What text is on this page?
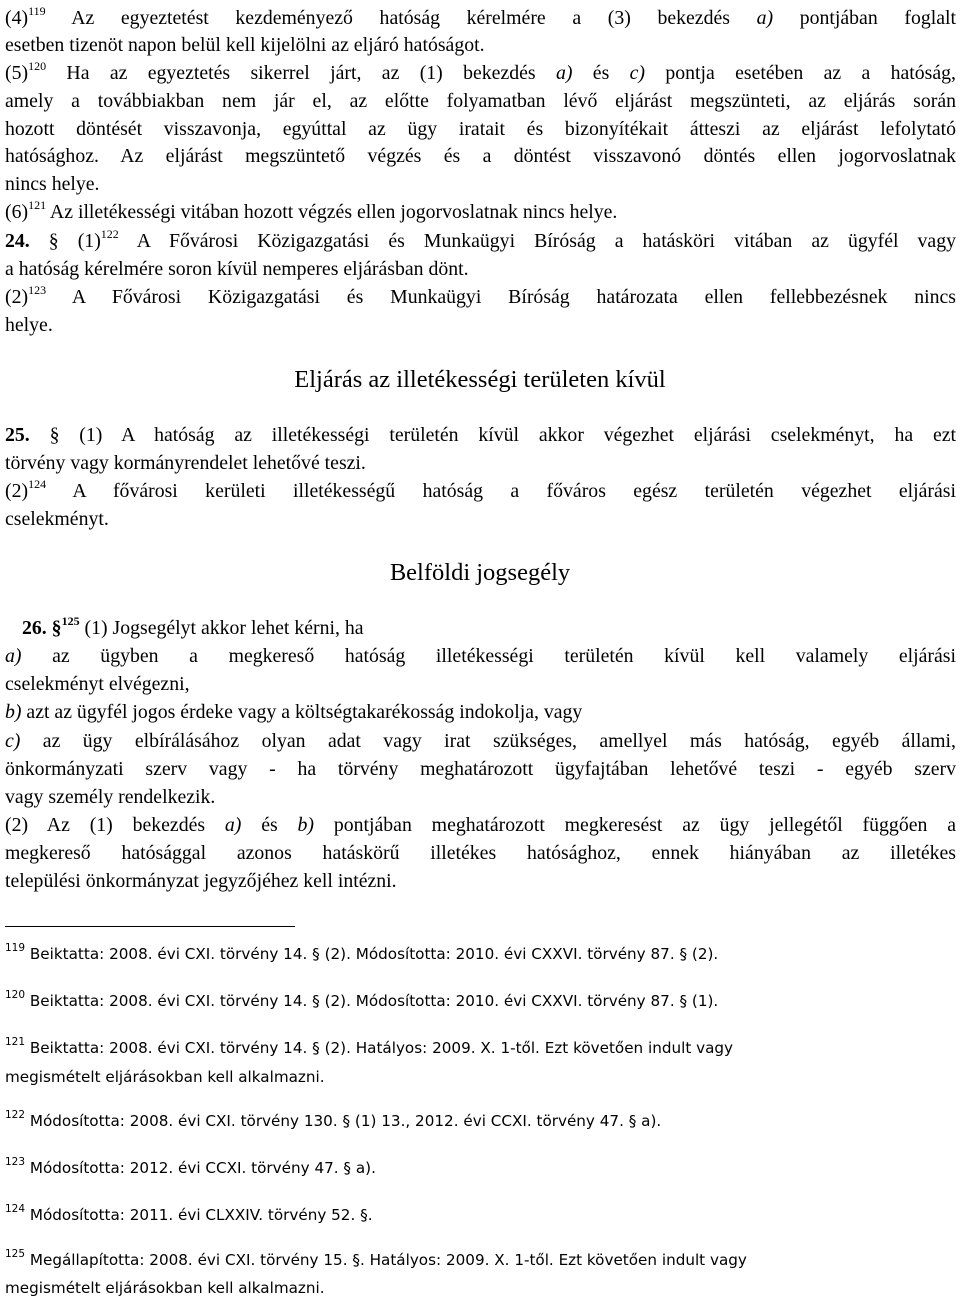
$(4)^{119}$ Az egyeztetést kezdeményező hatóság kérelmére a (3) bekezdés a) pontjában foglalt
esetben tizenöt napon belül kell kijelölni az eljáró hatóságot.
$(5)^{120}$ Ha az egyeztetés sikerrel járt, az (1) bekezdés a) és c) pontja esetében az a hatóság,
amely a továbbiakban nem jár el, az előtte folyamatban lévő eljárást megszünteti, az eljárás során
hozott döntését visszavonja, egyúttal az ügy iratait és bizonyítékait átteszi az eljárást lefolytató
hatósághoz. Az eljárást megszüntető végzés és a döntést visszavonó döntés ellen jogorvoslatnak
nincs helye.
$(6)^{121}$ Az illetékességi vitában hozott végzés ellen jogorvoslatnak nincs helye.
24. § $(1)^{122}$ A Fővárosi Közigazgatási és Munkaügyi Bíróság a hatásköri vitában az ügyfél vagy
a hatóság kérelmére soron kívül nemperes eljárásban dönt.
$(2)^{123}$ A Fővárosi Közigazgatási és Munkaügyi Bíróság határozata ellen fellebbezésnek nincs
helye.
Eljárás az illetékességi területen kívül
25. § (1) A hatóság az illetékességi területén kívül akkor végezhet eljárási cselekményt, ha ezt
törvény vagy kormányrendelet lehetővé teszi.
$(2)^{124}$ A fővárosi kerületi illetékességű hatóság a főváros egész területén végezhet eljárási
cselekményt.
Belföldi jogsegély
26. §$^{125}$ (1) Jogsegélyt akkor lehet kérni, ha
a) az ügyben a megkereső hatóság illetékességi területén kívül kell valamely eljárási
cselekményt elvégezni,
b) azt az ügyfél jogos érdeke vagy a költségtakarékosság indokolja, vagy
c) az ügy elbírálásához olyan adat vagy irat szükséges, amellyel más hatóság, egyéb állami,
önkormányzati szerv vagy - ha törvény meghatározott ügyfajtában lehetővé teszi - egyéb szerv
vagy személy rendelkezik.
(2) Az (1) bekezdés a) és b) pontjában meghatározott megkeresést az ügy jellegétől függően a
megkereső hatósággal azonos hatáskörű illetékes hatósághoz, ennek hiányában az illetékes
települési önkormányzat jegyzőjéhez kell intézni.
$^{119}$ Beiktatta: 2008. évi CXI. törvény 14. § (2). Módosította: 2010. évi CXXVI. törvény 87. § (2).
$^{120}$ Beiktatta: 2008. évi CXI. törvény 14. § (2). Módosította: 2010. évi CXXVI. törvény 87. § (1).
$^{121}$ Beiktatta: 2008. évi CXI. törvény 14. § (2). Hatályos: 2009. X. 1-től. Ezt követően indult vagy
megismételt eljárásokban kell alkalmazni.
$^{122}$ Módosította: 2008. évi CXI. törvény 130. § (1) 13., 2012. évi CCXI. törvény 47. § a).
$^{123}$ Módosította: 2012. évi CCXI. törvény 47. § a).
$^{124}$ Módosította: 2011. évi CLXXIV. törvény 52. §.
$^{125}$ Megállapította: 2008. évi CXI. törvény 15. §. Hatályos: 2009. X. 1-től. Ezt követően indult vagy
megismételt eljárásokban kell alkalmazni.
